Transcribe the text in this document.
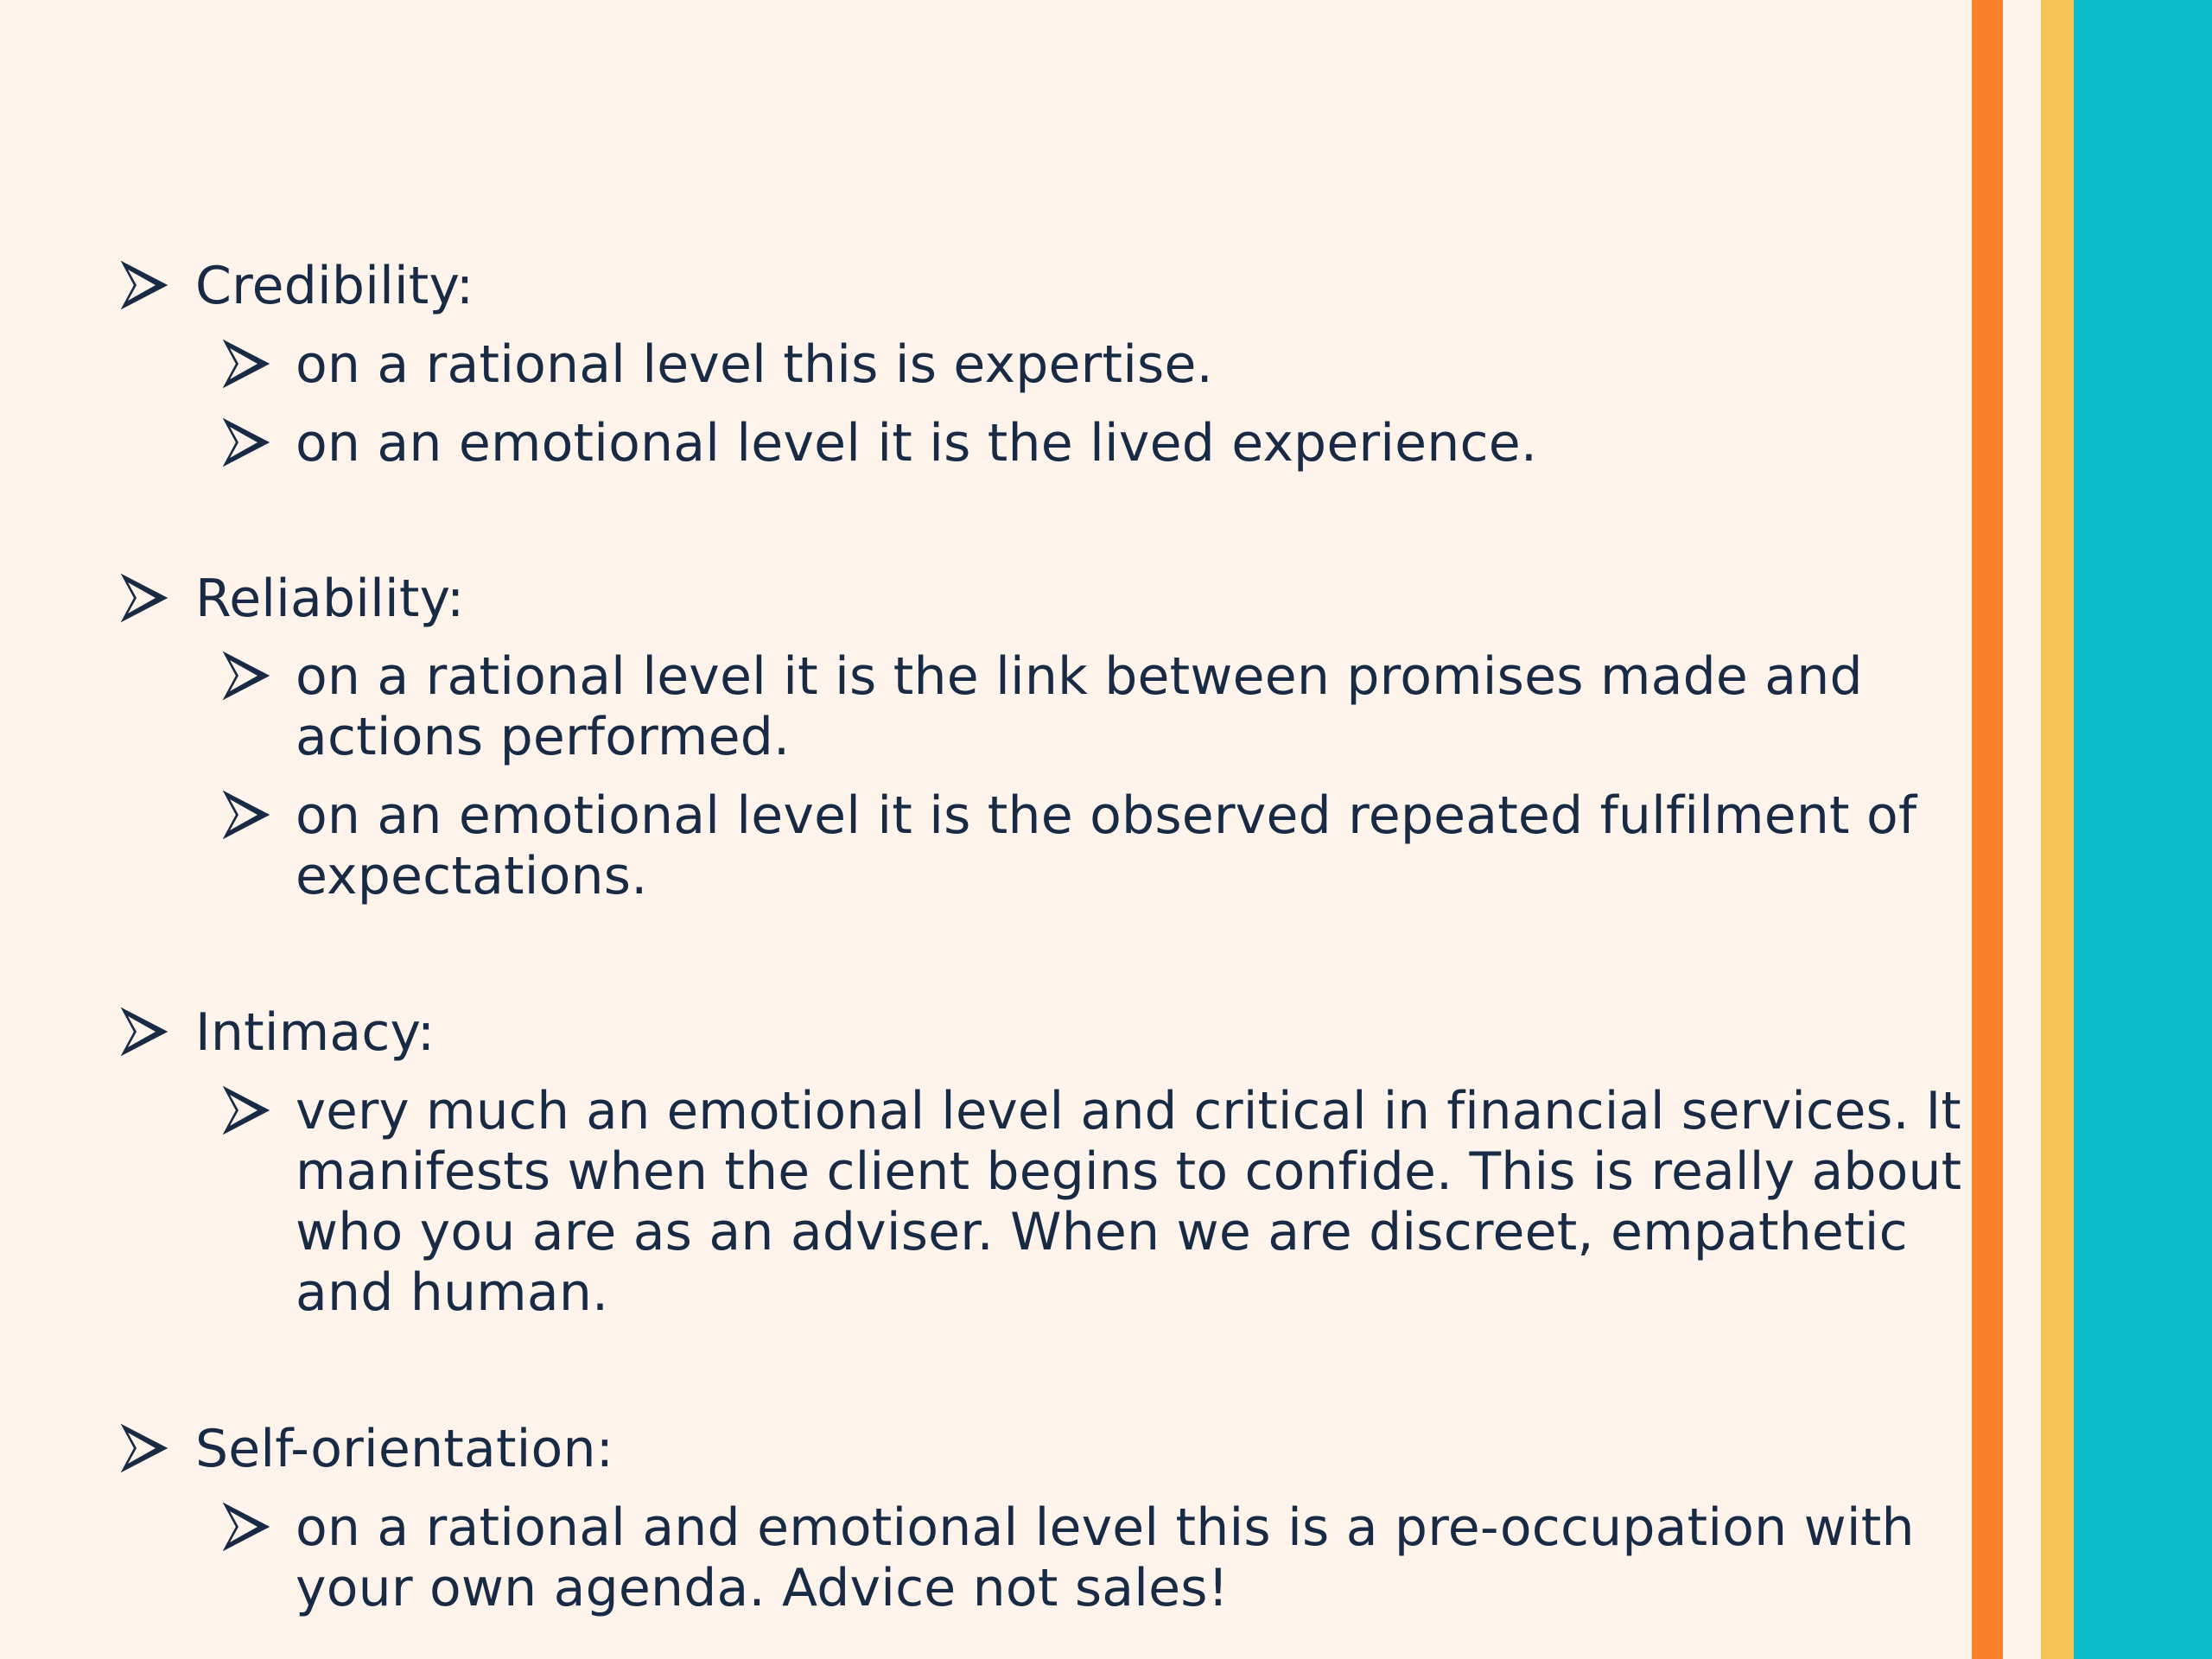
Credibility:
on a rational level this is expertise.
on an emotional level it is the lived experience.
Reliability:
on a rational level it is the link between promises made and
actions performed.
on an emotional level it is the observed repeated fulfilment of
expectations.
Intimacy:
very much an emotional level and critical in financial services. It
manifests when the client begins to confide. This is really about
who you are as an adviser. When we are discreet, empathetic
and human.
Self-orientation:
on a rational and emotional level this is a pre-occupation with
your own agenda. Advice not sales!
